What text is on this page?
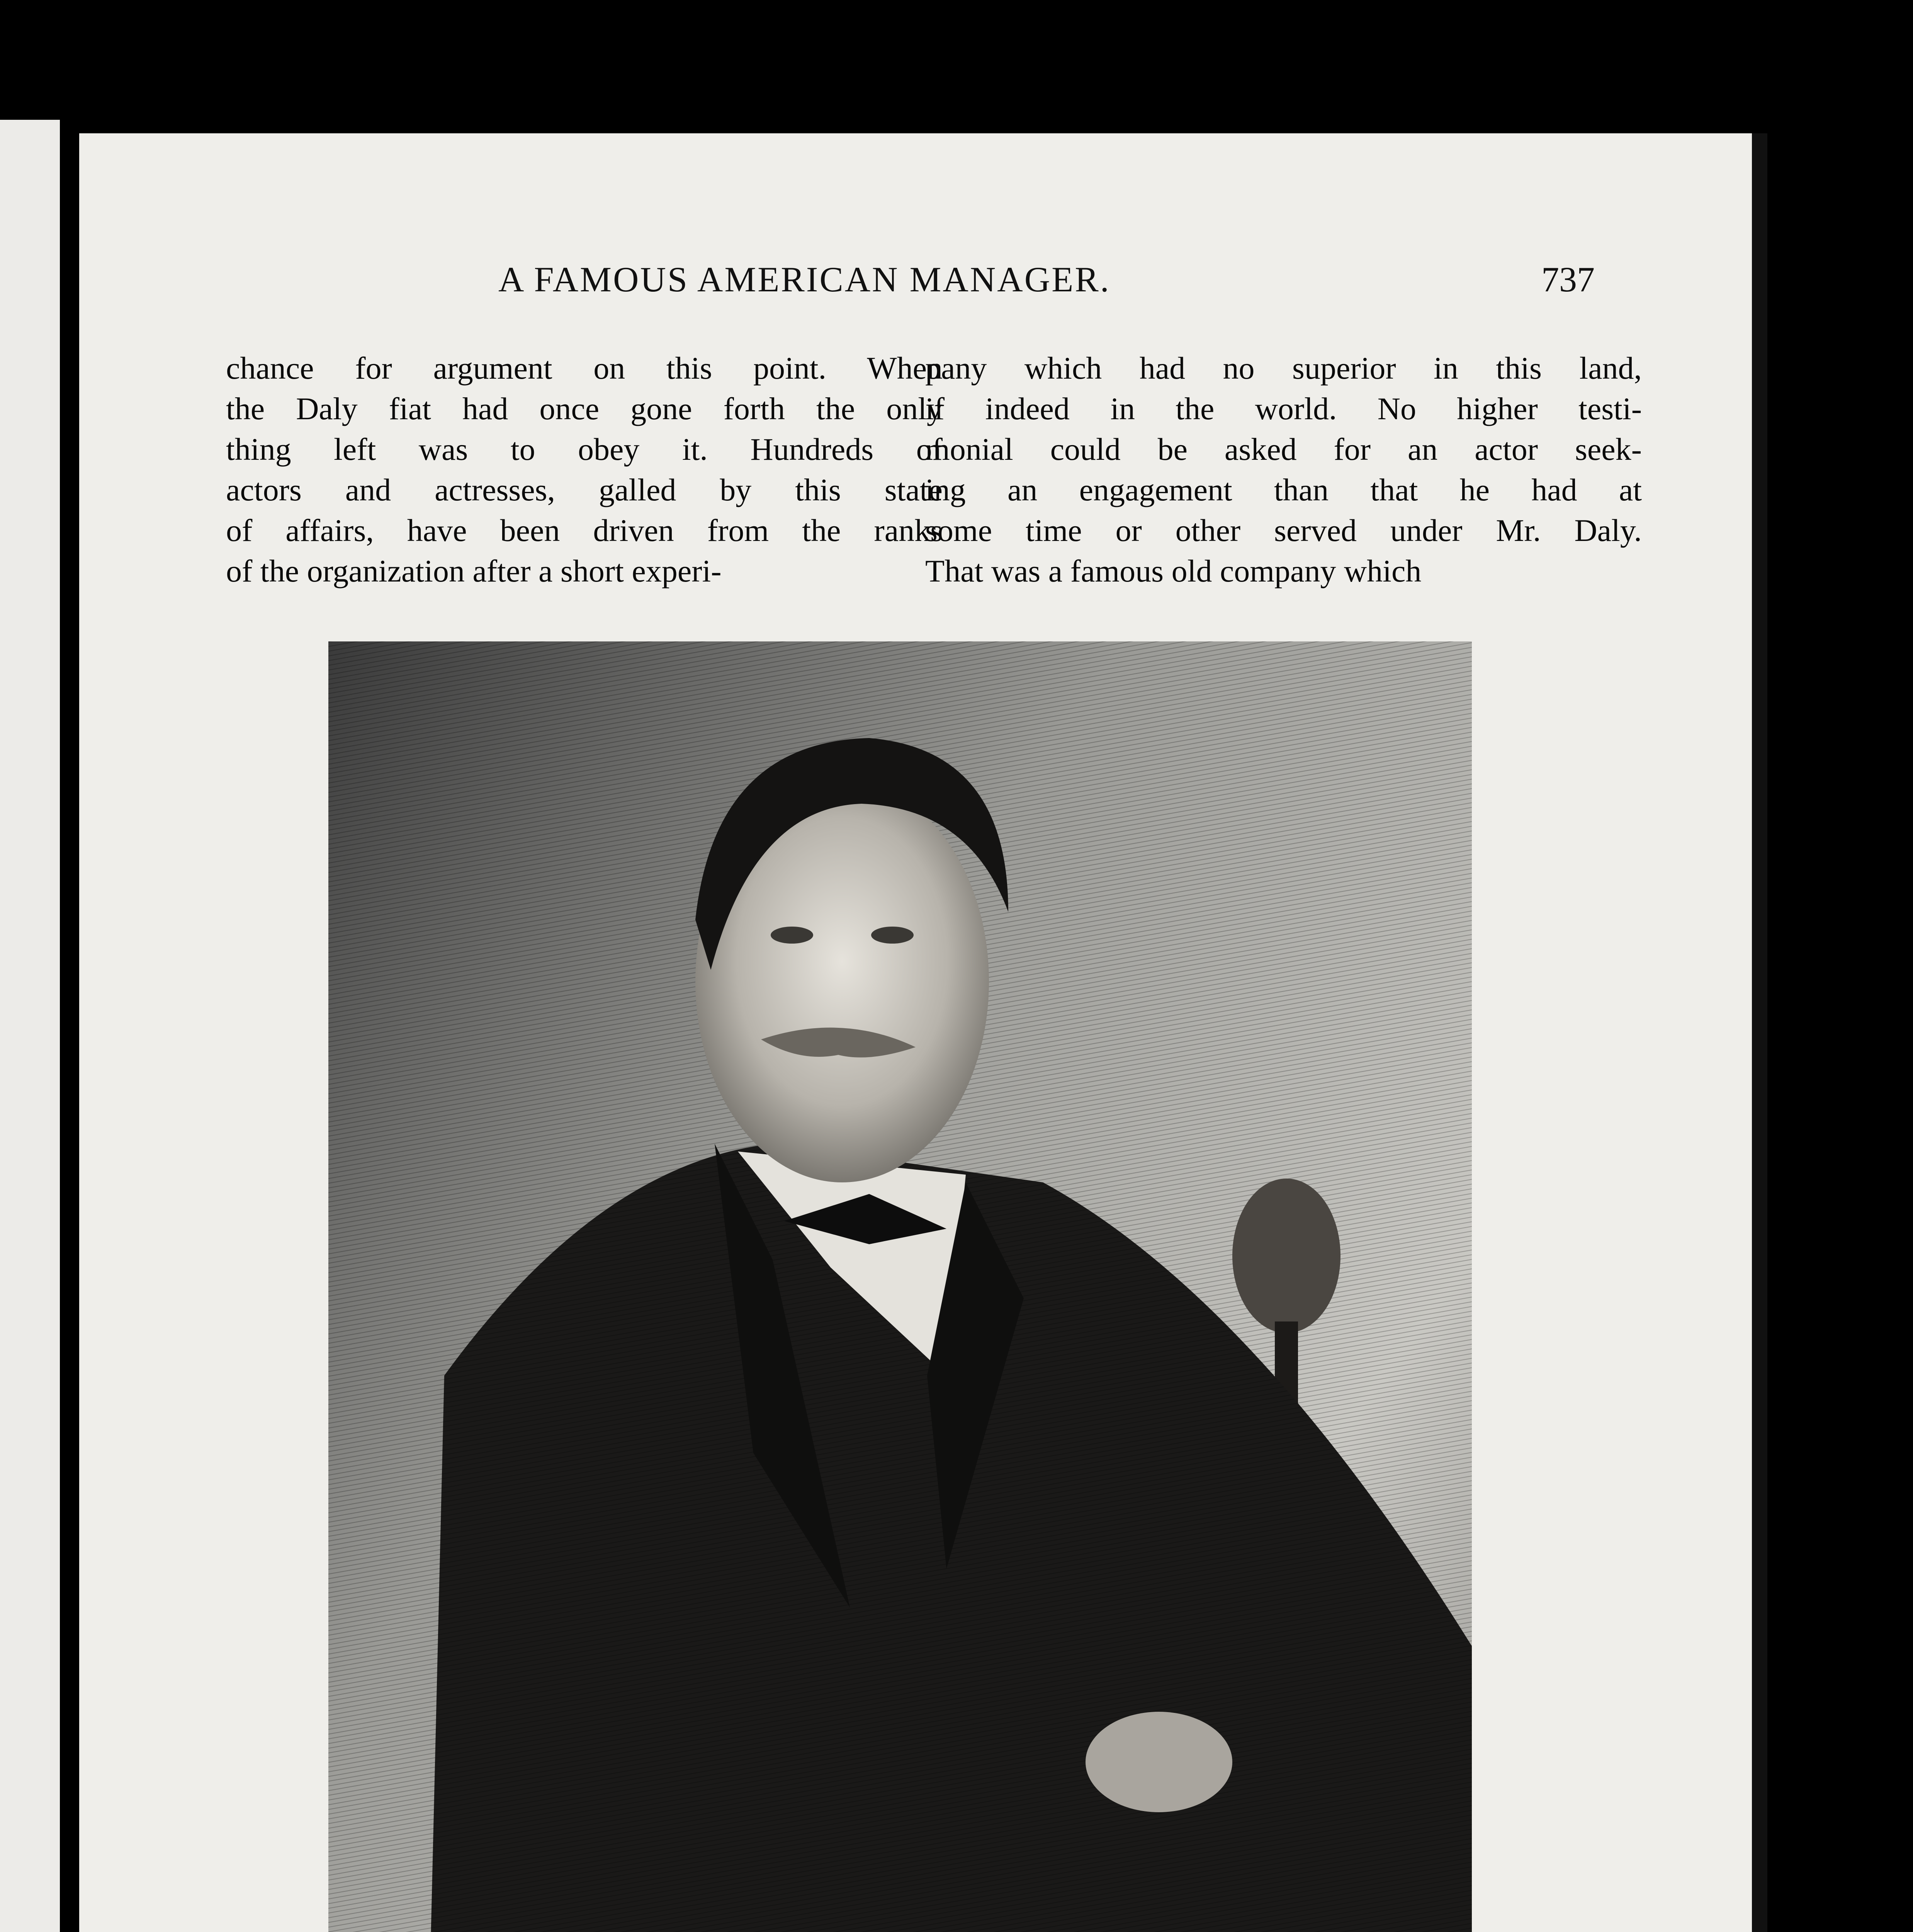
A FAMOUS AMERICAN MANAGER.	737
chance for argument on this point. When
the Daly fiat had once gone forth the only
thing left was to obey it. Hundreds of
actors and actresses, galled by this state
of affairs, have been driven from the ranks
of the organization after a short experi-
pany which had no superior in this land,
if indeed in the world. No higher testi-
monial could be asked for an actor seek-
ing an engagement than that he had at
some time or other served under Mr. Daly.
That was a famous old company which
